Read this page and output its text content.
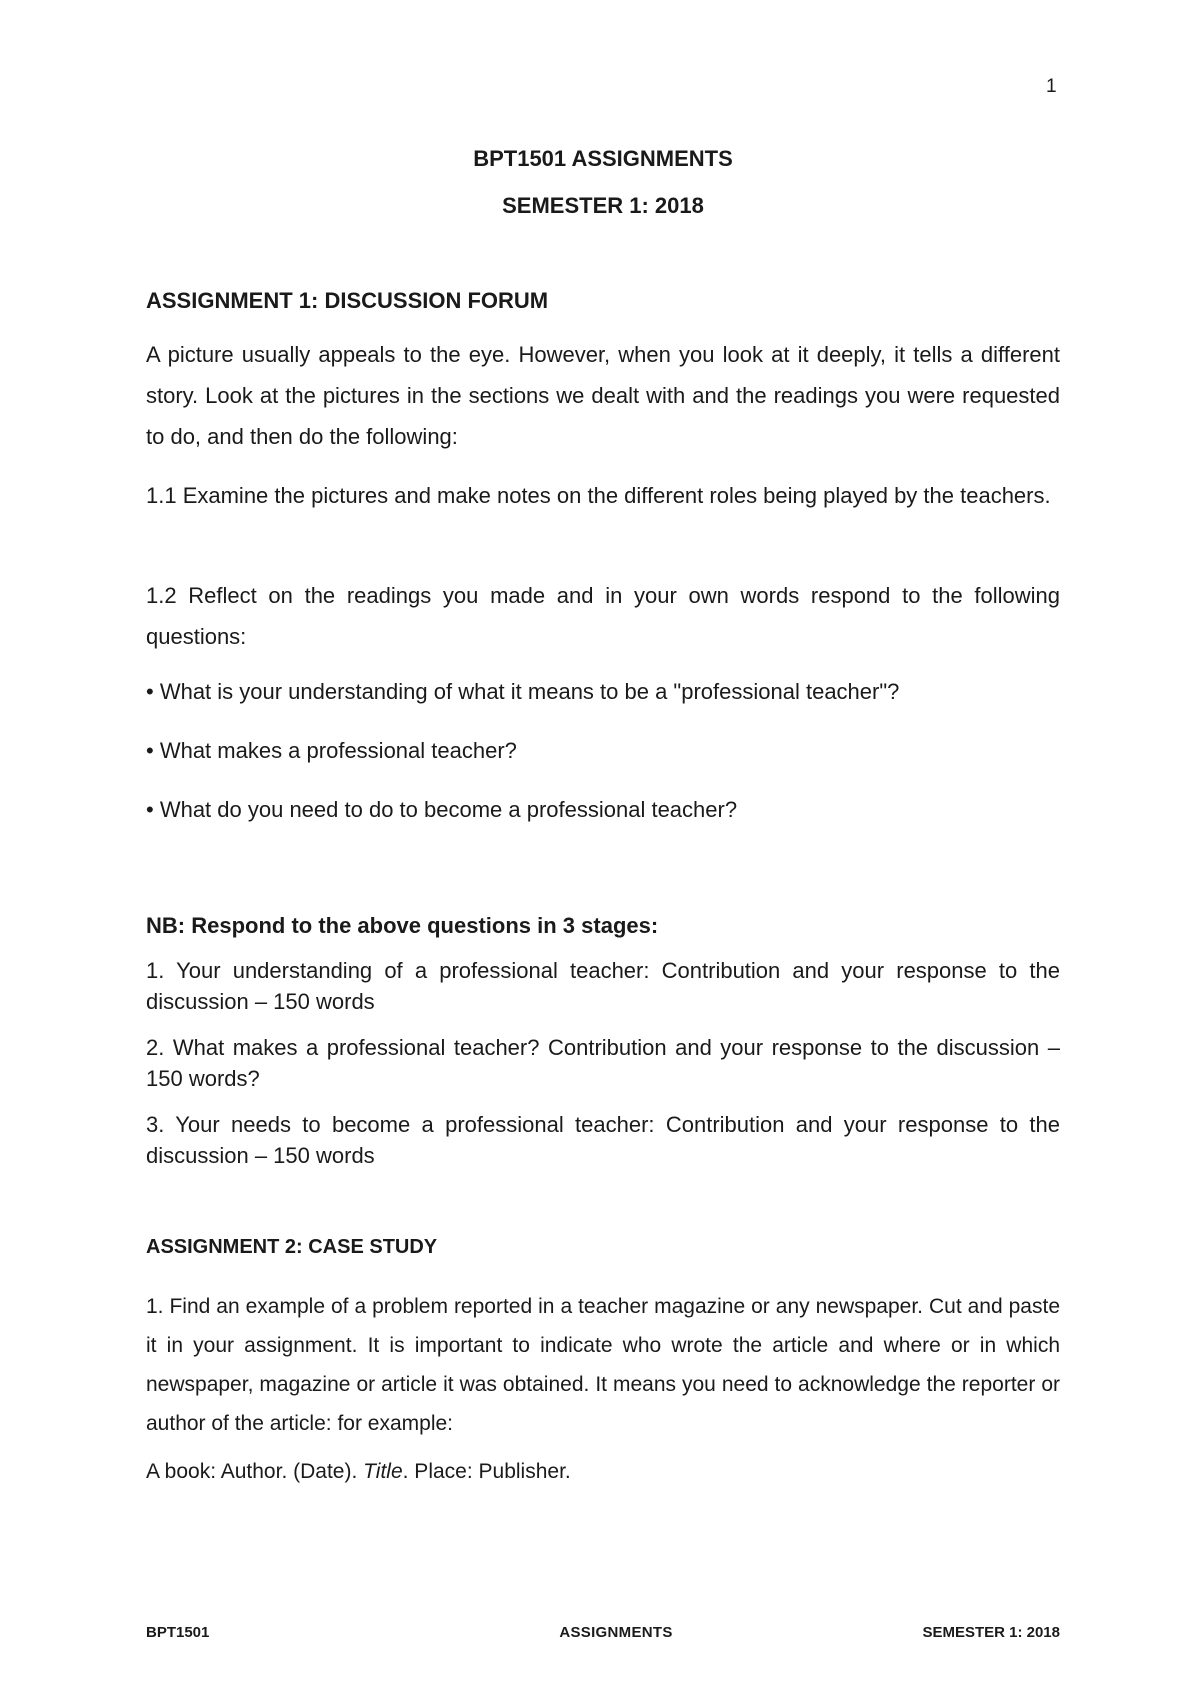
1
BPT1501 ASSIGNMENTS
SEMESTER 1: 2018
ASSIGNMENT 1: DISCUSSION FORUM

A picture usually appeals to the eye. However, when you look at it deeply, it tells a different story. Look at the pictures in the sections we dealt with and the readings you were requested to do, and then do the following:

1.1 Examine the pictures and make notes on the different roles being played by the teachers.

1.2 Reflect on the readings you made and in your own words respond to the following questions:

• What is your understanding of what it means to be a "professional teacher"?

• What makes a professional teacher?

• What do you need to do to become a professional teacher?

NB: Respond to the above questions in 3 stages:

1. Your understanding of a professional teacher: Contribution and your response to the discussion – 150 words

2. What makes a professional teacher? Contribution and your response to the discussion – 150 words?

3. Your needs to become a professional teacher: Contribution and your response to the discussion – 150 words

ASSIGNMENT 2: CASE STUDY

1. Find an example of a problem reported in a teacher magazine or any newspaper. Cut and paste it in your assignment. It is important to indicate who wrote the article and where or in which newspaper, magazine or article it was obtained. It means you need to acknowledge the reporter or author of the article: for example:

A book: Author. (Date). Title. Place: Publisher.

BPT1501	ASSIGNMENTS	SEMESTER 1: 2018
